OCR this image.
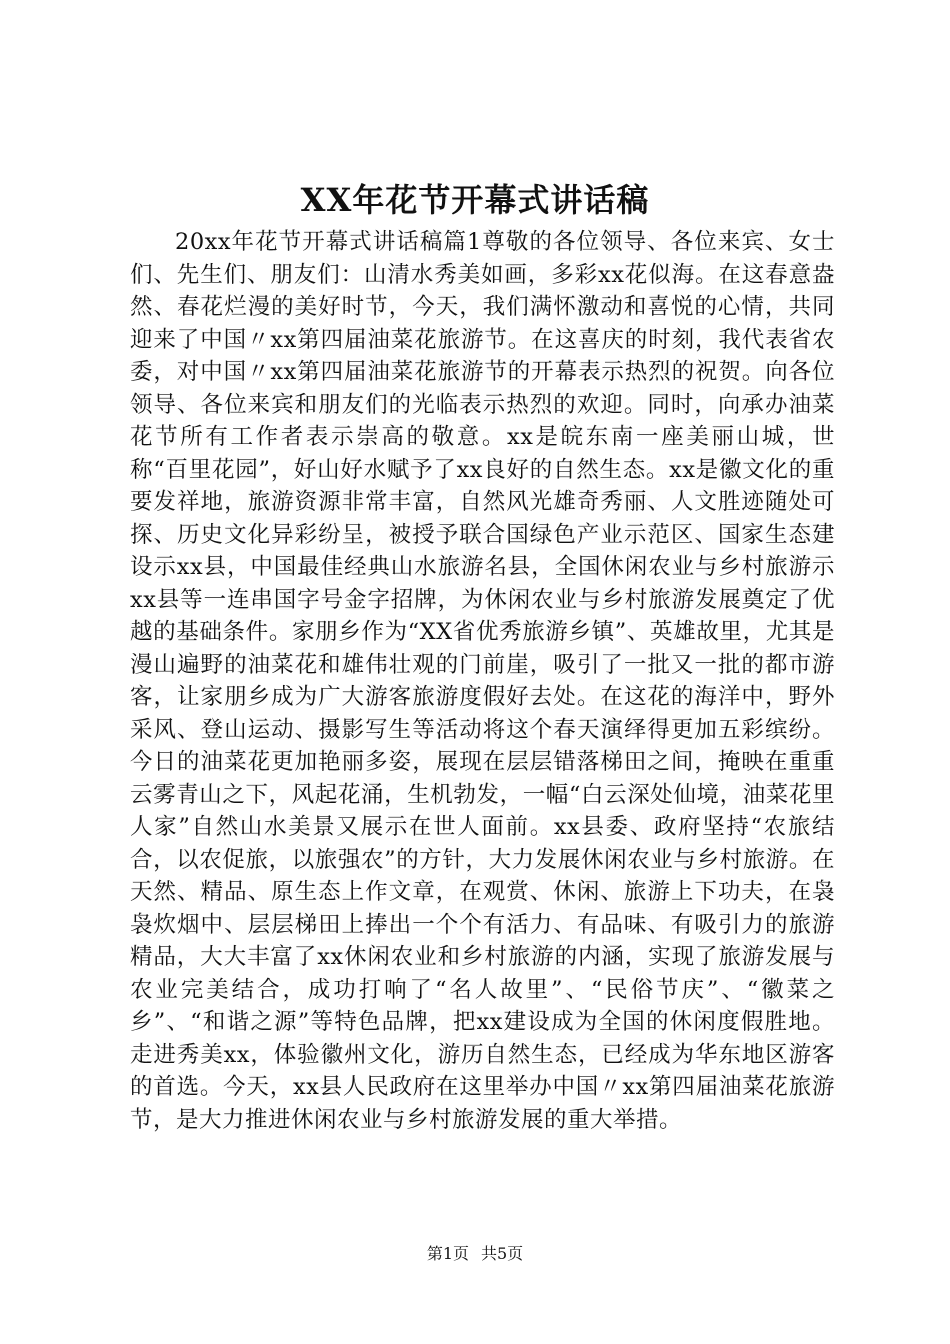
XX年花节开幕式讲话稿

20xx年花节开幕式讲话稿篇1尊敬的各位领导、各位来宾、女士们、先生们、朋友们：山清水秀美如画，多彩xx花似海。在这春意盎然、春花烂漫的美好时节，今天，我们满怀激动和喜悦的心情，共同迎来了中国〃xx第四届油菜花旅游节。在这喜庆的时刻，我代表省农委，对中国〃xx第四届油菜花旅游节的开幕表示热烈的祝贺。向各位领导、各位来宾和朋友们的光临表示热烈的欢迎。同时，向承办油菜花节所有工作者表示崇高的敬意。xx是皖东南一座美丽山城，世称“百里花园”，好山好水赋予了xx良好的自然生态。xx是徽文化的重要发祥地，旅游资源非常丰富，自然风光雄奇秀丽、人文胜迹随处可探、历史文化异彩纷呈，被授予联合国绿色产业示范区、国家生态建设示xx县，中国最佳经典山水旅游名县，全国休闲农业与乡村旅游示xx县等一连串国字号金字招牌，为休闲农业与乡村旅游发展奠定了优越的基础条件。家朋乡作为“XX省优秀旅游乡镇”、英雄故里，尤其是漫山遍野的油菜花和雄伟壮观的门前崖，吸引了一批又一批的都市游客，让家朋乡成为广大游客旅游度假好去处。在这花的海洋中，野外采风、登山运动、摄影写生等活动将这个春天演绎得更加五彩缤纷。今日的油菜花更加艳丽多姿，展现在层层错落梯田之间，掩映在重重云雾青山之下，风起花涌，生机勃发，一幅“白云深处仙境，油菜花里人家”自然山水美景又展示在世人面前。xx县委、政府坚持“农旅结合，以农促旅，以旅强农”的方针，大力发展休闲农业与乡村旅游。在天然、精品、原生态上作文章，在观赏、休闲、旅游上下功夫，在袅袅炊烟中、层层梯田上捧出一个个有活力、有品味、有吸引力的旅游精品，大大丰富了xx休闲农业和乡村旅游的内涵，实现了旅游发展与农业完美结合，成功打响了“名人故里”、“民俗节庆”、“徽菜之乡”、“和谐之源”等特色品牌，把xx建设成为全国的休闲度假胜地。走进秀美xx，体验徽州文化，游历自然生态，已经成为华东地区游客的首选。今天，xx县人民政府在这里举办中国〃xx第四届油菜花旅游节，是大力推进休闲农业与乡村旅游发展的重大举措。

第1页 共5页
